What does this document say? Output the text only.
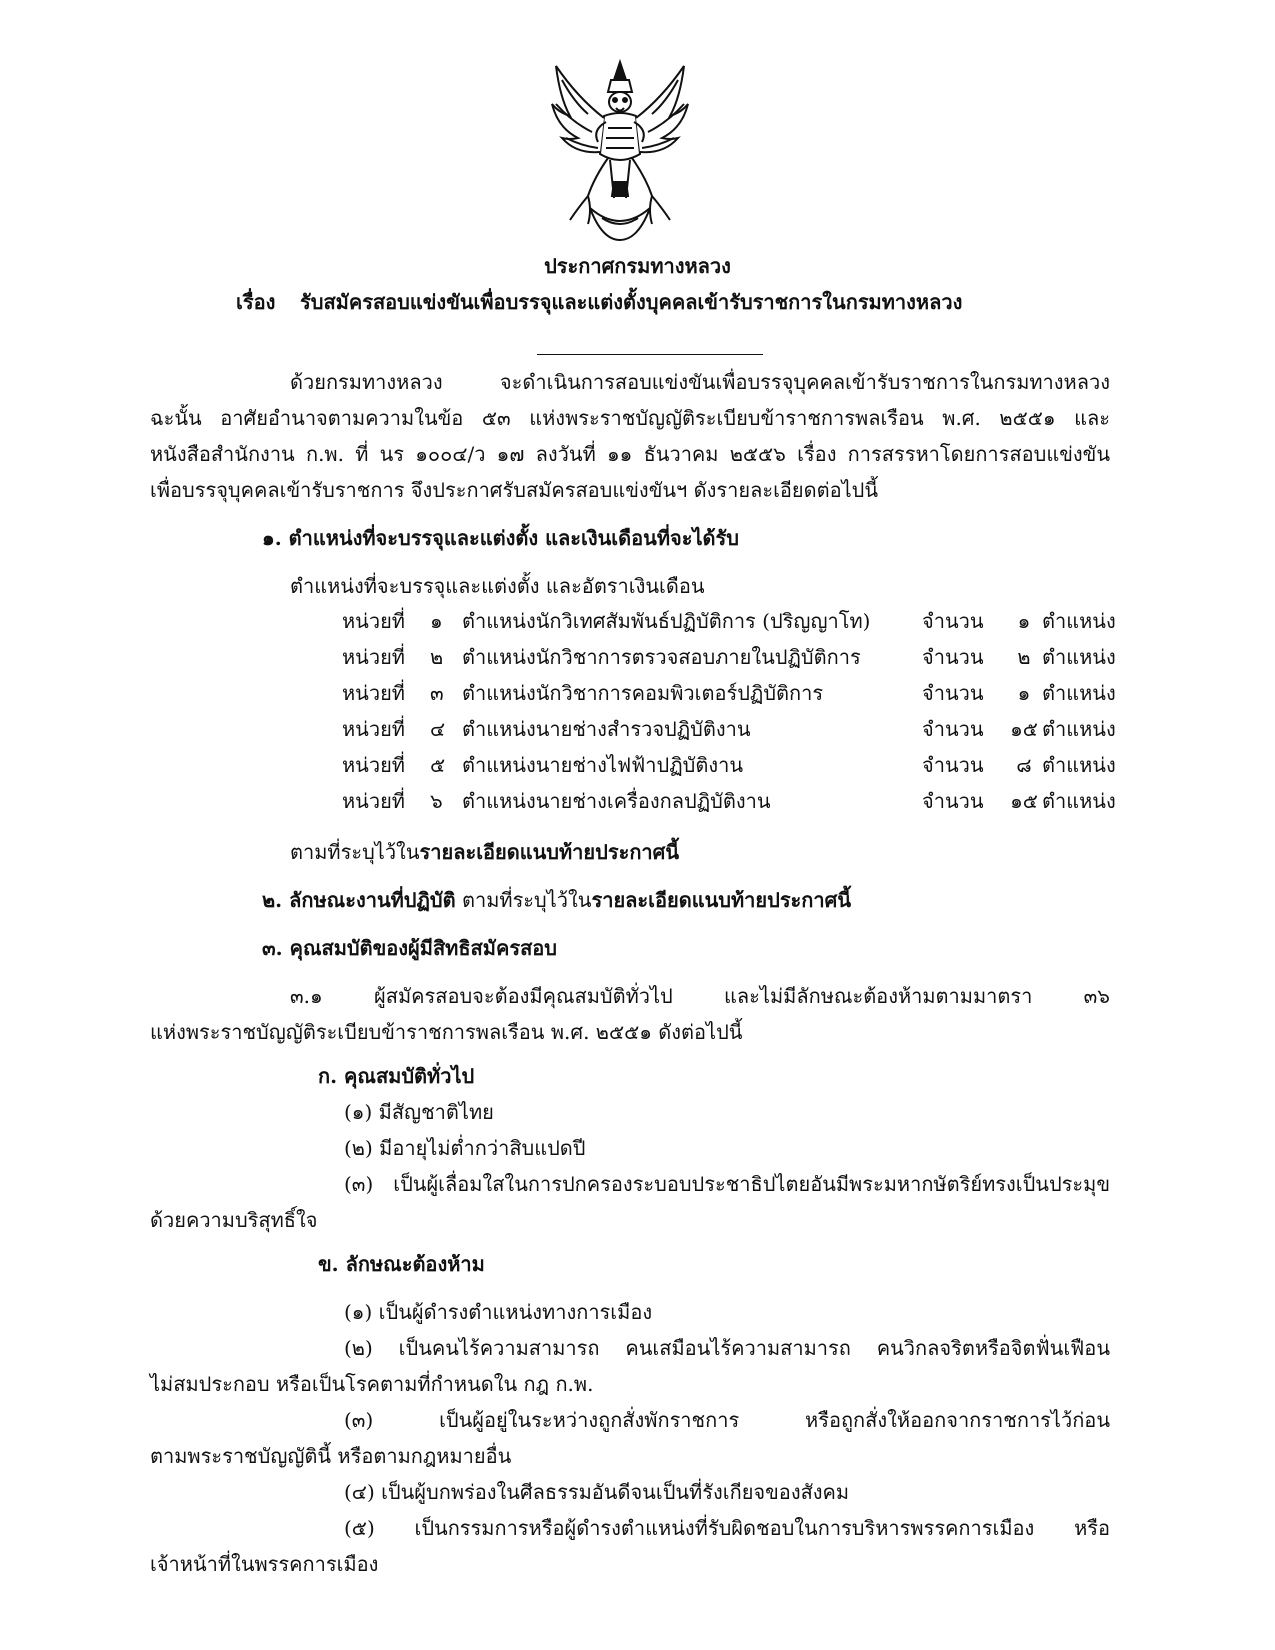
ประกาศกรมทางหลวง
เรื่อง รับสมัครสอบแข่งขันเพื่อบรรจุและแต่งตั้งบุคคลเข้ารับราชการในกรมทางหลวง
ด้วยกรมทางหลวง จะดำเนินการสอบแข่งขันเพื่อบรรจุบุคคลเข้ารับราชการในกรมทางหลวง
ฉะนั้น อาศัยอำนาจตามความในข้อ ๕๓ แห่งพระราชบัญญัติระเบียบข้าราชการพลเรือน พ.ศ. ๒๕๕๑ และ
หนังสือสำนักงาน ก.พ. ที่ นร ๑๐๐๔/ว ๑๗ ลงวันที่ ๑๑ ธันวาคม ๒๕๕๖ เรื่อง การสรรหาโดยการสอบแข่งขัน
เพื่อบรรจุบุคคลเข้ารับราชการ จึงประกาศรับสมัครสอบแข่งขันฯ ดังรายละเอียดต่อไปนี้
๑. ตำแหน่งที่จะบรรจุและแต่งตั้ง และเงินเดือนที่จะได้รับ
ตำแหน่งที่จะบรรจุและแต่งตั้ง และอัตราเงินเดือน
หน่วยที่ ๑ ตำแหน่งนักวิเทศสัมพันธ์ปฏิบัติการ (ปริญญาโท)	จำนวน	๑ ตำแหน่ง
หน่วยที่ ๒ ตำแหน่งนักวิชาการตรวจสอบภายในปฏิบัติการ	จำนวน	๒ ตำแหน่ง
หน่วยที่ ๓ ตำแหน่งนักวิชาการคอมพิวเตอร์ปฏิบัติการ	จำนวน	๑ ตำแหน่ง
หน่วยที่ ๔ ตำแหน่งนายช่างสำรวจปฏิบัติงาน	จำนวน	๑๕ ตำแหน่ง
หน่วยที่ ๕ ตำแหน่งนายช่างไฟฟ้าปฏิบัติงาน	จำนวน	๘ ตำแหน่ง
หน่วยที่ ๖ ตำแหน่งนายช่างเครื่องกลปฏิบัติงาน	จำนวน	๑๕ ตำแหน่ง
ตามที่ระบุไว้ในรายละเอียดแนบท้ายประกาศนี้
๒. ลักษณะงานที่ปฏิบัติ ตามที่ระบุไว้ในรายละเอียดแนบท้ายประกาศนี้
๓. คุณสมบัติของผู้มีสิทธิสมัครสอบ
๓.๑ ผู้สมัครสอบจะต้องมีคุณสมบัติทั่วไป และไม่มีลักษณะต้องห้ามตามมาตรา ๓๖
แห่งพระราชบัญญัติระเบียบข้าราชการพลเรือน พ.ศ. ๒๕๕๑ ดังต่อไปนี้
ก. คุณสมบัติทั่วไป
(๑) มีสัญชาติไทย
(๒) มีอายุไม่ต่ำกว่าสิบแปดปี
(๓) เป็นผู้เลื่อมใสในการปกครองระบอบประชาธิปไตยอันมีพระมหากษัตริย์ทรงเป็นประมุข
ด้วยความบริสุทธิ์ใจ
ข. ลักษณะต้องห้าม
(๑) เป็นผู้ดำรงตำแหน่งทางการเมือง
(๒) เป็นคนไร้ความสามารถ คนเสมือนไร้ความสามารถ คนวิกลจริตหรือจิตฟั่นเฟือน
ไม่สมประกอบ หรือเป็นโรคตามที่กำหนดใน กฎ ก.พ.
(๓) เป็นผู้อยู่ในระหว่างถูกสั่งพักราชการ หรือถูกสั่งให้ออกจากราชการไว้ก่อน
ตามพระราชบัญญัตินี้ หรือตามกฎหมายอื่น
(๔) เป็นผู้บกพร่องในศีลธรรมอันดีจนเป็นที่รังเกียจของสังคม
(๕) เป็นกรรมการหรือผู้ดำรงตำแหน่งที่รับผิดชอบในการบริหารพรรคการเมือง หรือ
เจ้าหน้าที่ในพรรคการเมือง
